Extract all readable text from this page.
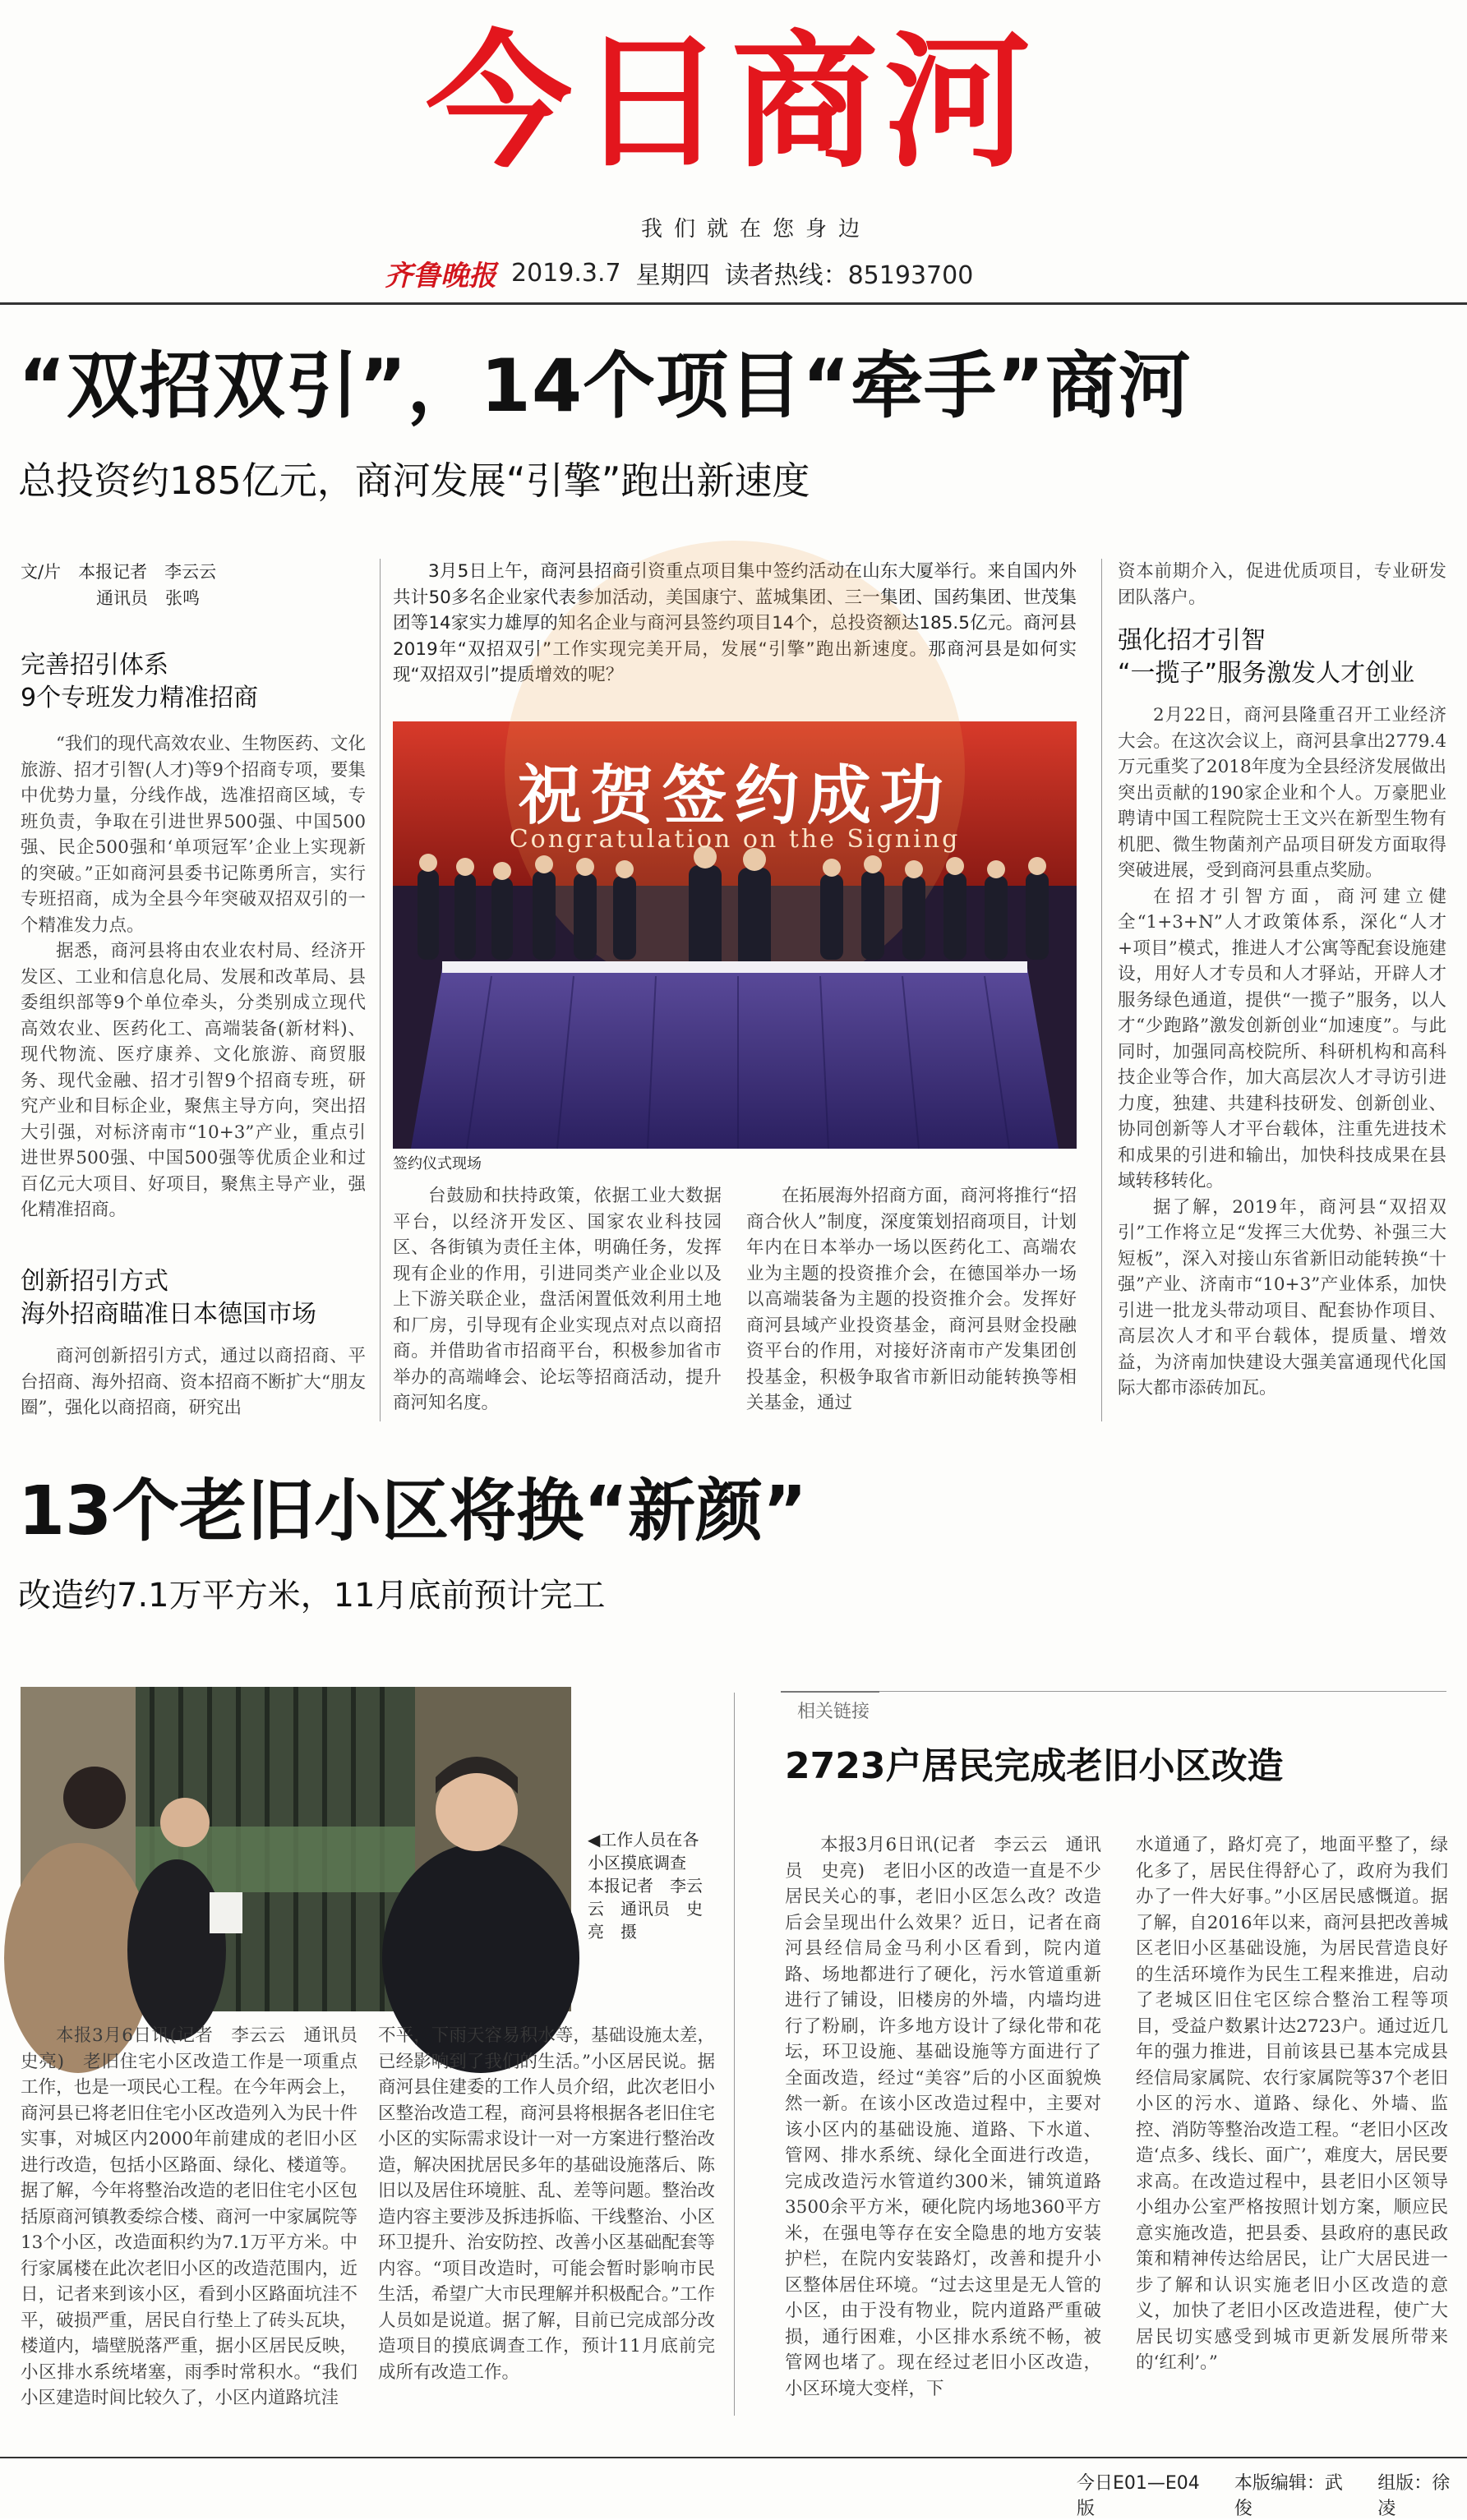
今日商河
我们就在您身边
齐鲁晚报 2019.3.7 星期四 读者热线：85193700
“双招双引”，14个项目“牵手”商河
总投资约185亿元，商河发展“引擎”跑出新速度
文/片　本报记者　李云云
通讯员　张鸣
完善招引体系
9个专班发力精准招商

“我们的现代高效农业、生物医药、文化旅游、招才引智(人才)等9个招商专项，要集中优势力量，分线作战，选准招商区域，专班负责，争取在引进世界500强、中国500强、民企500强和‘单项冠军’企业上实现新的突破。”正如商河县委书记陈勇所言，实行专班招商，成为全县今年突破双招双引的一个精准发力点。

据悉，商河县将由农业农村局、经济开发区、工业和信息化局、发展和改革局、县委组织部等9个单位牵头，分类别成立现代高效农业、医药化工、高端装备(新材料)、现代物流、医疗康养、文化旅游、商贸服务、现代金融、招才引智9个招商专班，研究产业和目标企业，聚焦主导方向，突出招大引强，对标济南市“10+3”产业，重点引进世界500强、中国500强等优质企业和过百亿元大项目、好项目，聚焦主导产业，强化精准招商。

创新招引方式
海外招商瞄准日本德国市场

商河创新招引方式，通过以商招商、平台招商、海外招商、资本招商不断扩大“朋友圈”，强化以商招商，研究出

3月5日上午，商河县招商引资重点项目集中签约活动在山东大厦举行。来自国内外共计50多名企业家代表参加活动，美国康宁、蓝城集团、三一集团、国药集团、世茂集团等14家实力雄厚的知名企业与商河县签约项目14个，总投资额达185.5亿元。商河县2019年“双招双引”工作实现完美开局，发展“引擎”跑出新速度。那商河县是如何实现“双招双引”提质增效的呢？

祝贺签约成功
Congratulation on the Signing
签约仪式现场

台鼓励和扶持政策，依据工业大数据平台，以经济开发区、国家农业科技园区、各街镇为责任主体，明确任务，发挥现有企业的作用，引进同类产业企业以及上下游关联企业，盘活闲置低效利用土地和厂房，引导现有企业实现点对点以商招商。并借助省市招商平台，积极参加省市举办的高端峰会、论坛等招商活动，提升商河知名度。

在拓展海外招商方面，商河将推行“招商合伙人”制度，深度策划招商项目，计划年内在日本举办一场以医药化工、高端农业为主题的投资推介会，在德国举办一场以高端装备为主题的投资推介会。发挥好商河县域产业投资基金，商河县财金投融资平台的作用，对接好济南市产发集团创投基金，积极争取省市新旧动能转换等相关基金，通过

资本前期介入，促进优质项目，专业研发团队落户。

强化招才引智
“一揽子”服务激发人才创业

2月22日，商河县隆重召开工业经济大会。在这次会议上，商河县拿出2779.4万元重奖了2018年度为全县经济发展做出突出贡献的190家企业和个人。万豪肥业聘请中国工程院院士王文兴在新型生物有机肥、微生物菌剂产品项目研发方面取得突破进展，受到商河县重点奖励。

在招才引智方面，商河建立健全“1+3+N”人才政策体系，深化“人才+项目”模式，推进人才公寓等配套设施建设，用好人才专员和人才驿站，开辟人才服务绿色通道，提供“一揽子”服务，以人才“少跑路”激发创新创业“加速度”。与此同时，加强同高校院所、科研机构和高科技企业等合作，加大高层次人才寻访引进力度，独建、共建科技研发、创新创业、协同创新等人才平台载体，注重先进技术和成果的引进和输出，加快科技成果在县域转移转化。

据了解，2019年，商河县“双招双引”工作将立足“发挥三大优势、补强三大短板”，深入对接山东省新旧动能转换“十强”产业、济南市“10+3”产业体系，加快引进一批龙头带动项目、配套协作项目、高层次人才和平台载体，提质量、增效益，为济南加快建设大强美富通现代化国际大都市添砖加瓦。

13个老旧小区将换“新颜”
改造约7.1万平方米，11月底前预计完工
◀工作人员在各小区摸底调查　本报记者　李云云　通讯员　史亮　摄

本报3月6日讯(记者　李云云　通讯员　史亮)　老旧住宅小区改造工作是一项重点工作，也是一项民心工程。在今年两会上，商河县已将老旧住宅小区改造列入为民十件实事，对城区内2000年前建成的老旧小区进行改造，包括小区路面、绿化、楼道等。据了解，今年将整治改造的老旧住宅小区包括原商河镇教委综合楼、商河一中家属院等13个小区，改造面积约为7.1万平方米。中行家属楼在此次老旧小区的改造范围内，近日，记者来到该小区，看到小区路面坑洼不平，破损严重，居民自行垫上了砖头瓦块，楼道内，墙壁脱落严重，据小区居民反映，小区排水系统堵塞，雨季时常积水。“我们小区建造时间比较久了，小区内道路坑洼

不平，下雨天容易积水等，基础设施太差，已经影响到了我们的生活。”小区居民说。据商河县住建委的工作人员介绍，此次老旧小区整治改造工程，商河县将根据各老旧住宅小区的实际需求设计一对一方案进行整治改造，解决困扰居民多年的基础设施落后、陈旧以及居住环境脏、乱、差等问题。整治改造内容主要涉及拆违拆临、干线整治、小区环卫提升、治安防控、改善小区基础配套等内容。“项目改造时，可能会暂时影响市民生活，希望广大市民理解并积极配合。”工作人员如是说道。据了解，目前已完成部分改造项目的摸底调查工作，预计11月底前完成所有改造工作。

相关链接
2723户居民完成老旧小区改造

本报3月6日讯(记者　李云云　通讯员　史亮)　老旧小区的改造一直是不少居民关心的事，老旧小区怎么改？改造后会呈现出什么效果？近日，记者在商河县经信局金马利小区看到，院内道路、场地都进行了硬化，污水管道重新进行了铺设，旧楼房的外墙，内墙均进行了粉刷，许多地方设计了绿化带和花坛，环卫设施、基础设施等方面进行了全面改造，经过“美容”后的小区面貌焕然一新。在该小区改造过程中，主要对该小区内的基础设施、道路、下水道、管网、排水系统、绿化全面进行改造，完成改造污水管道约300米，铺筑道路3500余平方米，硬化院内场地360平方米，在强电等存在安全隐患的地方安装护栏，在院内安装路灯，改善和提升小区整体居住环境。“过去这里是无人管的小区，由于没有物业，院内道路严重破损，通行困难，小区排水系统不畅，被管网也堵了。现在经过老旧小区改造，小区环境大变样，下

水道通了，路灯亮了，地面平整了，绿化多了，居民住得舒心了，政府为我们办了一件大好事。”小区居民感慨道。据了解，自2016年以来，商河县把改善城区老旧小区基础设施，为居民营造良好的生活环境作为民生工程来推进，启动了老城区旧住宅区综合整治工程等项目，受益户数累计达2723户。通过近几年的强力推进，目前该县已基本完成县经信局家属院、农行家属院等37个老旧小区的污水、道路、绿化、外墙、监控、消防等整治改造工程。“老旧小区改造‘点多、线长、面广’，难度大，居民要求高。在改造过程中，县老旧小区领导小组办公室严格按照计划方案，顺应民意实施改造，把县委、县政府的惠民政策和精神传达给居民，让广大居民进一步了解和认识实施老旧小区改造的意义，加快了老旧小区改造进程，使广大居民切实感受到城市更新发展所带来的‘红利’。”

今日E01—E04版
本版编辑：武俊
组版：徐凌
